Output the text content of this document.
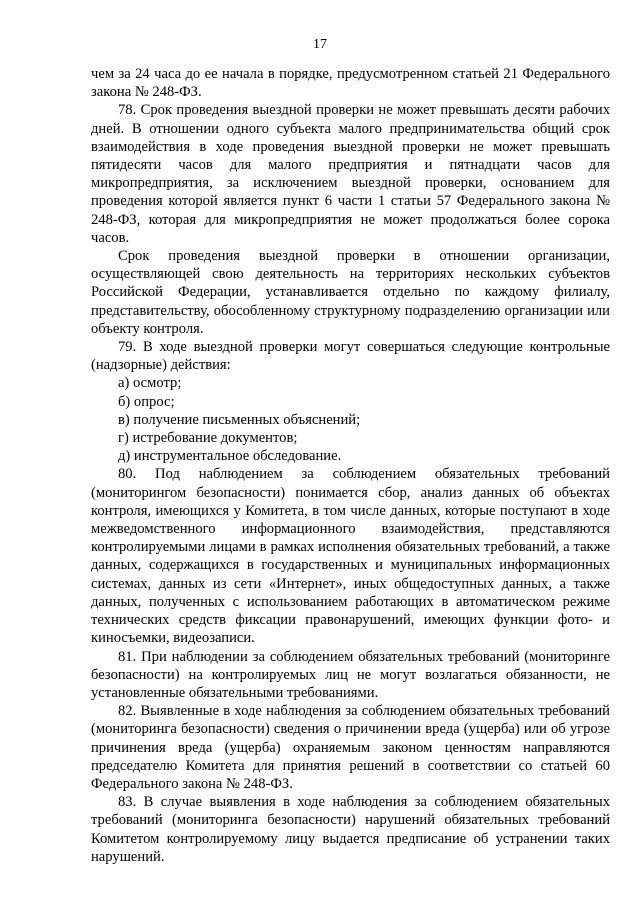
17

чем за 24 часа до ее начала в порядке, предусмотренном статьей 21 Федерального закона № 248-ФЗ.

78. Срок проведения выездной проверки не может превышать десяти рабочих дней. В отношении одного субъекта малого предпринимательства общий срок взаимодействия в ходе проведения выездной проверки не может превышать пятидесяти часов для малого предприятия и пятнадцати часов для микропредприятия, за исключением выездной проверки, основанием для проведения которой является пункт 6 части 1 статьи 57 Федерального закона № 248-ФЗ, которая для микропредприятия не может продолжаться более сорока часов.

Срок проведения выездной проверки в отношении организации, осуществляющей свою деятельность на территориях нескольких субъектов Российской Федерации, устанавливается отдельно по каждому филиалу, представительству, обособленному структурному подразделению организации или объекту контроля.

79. В ходе выездной проверки могут совершаться следующие контрольные (надзорные) действия:

а) осмотр;

б) опрос;

в) получение письменных объяснений;

г) истребование документов;

д) инструментальное обследование.

80. Под наблюдением за соблюдением обязательных требований (мониторингом безопасности) понимается сбор, анализ данных об объектах контроля, имеющихся у Комитета, в том числе данных, которые поступают в ходе межведомственного информационного взаимодействия, представляются контролируемыми лицами в рамках исполнения обязательных требований, а также данных, содержащихся в государственных и муниципальных информационных системах, данных из сети «Интернет», иных общедоступных данных, а также данных, полученных с использованием работающих в автоматическом режиме технических средств фиксации правонарушений, имеющих функции фото- и киносъемки, видеозаписи.

81. При наблюдении за соблюдением обязательных требований (мониторинге безопасности) на контролируемых лиц не могут возлагаться обязанности, не установленные обязательными требованиями.

82. Выявленные в ходе наблюдения за соблюдением обязательных требований (мониторинга безопасности) сведения о причинении вреда (ущерба) или об угрозе причинения вреда (ущерба) охраняемым законом ценностям направляются председателю Комитета для принятия решений в соответствии со статьей 60 Федерального закона № 248-ФЗ.

83. В случае выявления в ходе наблюдения за соблюдением обязательных требований (мониторинга безопасности) нарушений обязательных требований Комитетом контролируемому лицу выдается предписание об устранении таких нарушений.
